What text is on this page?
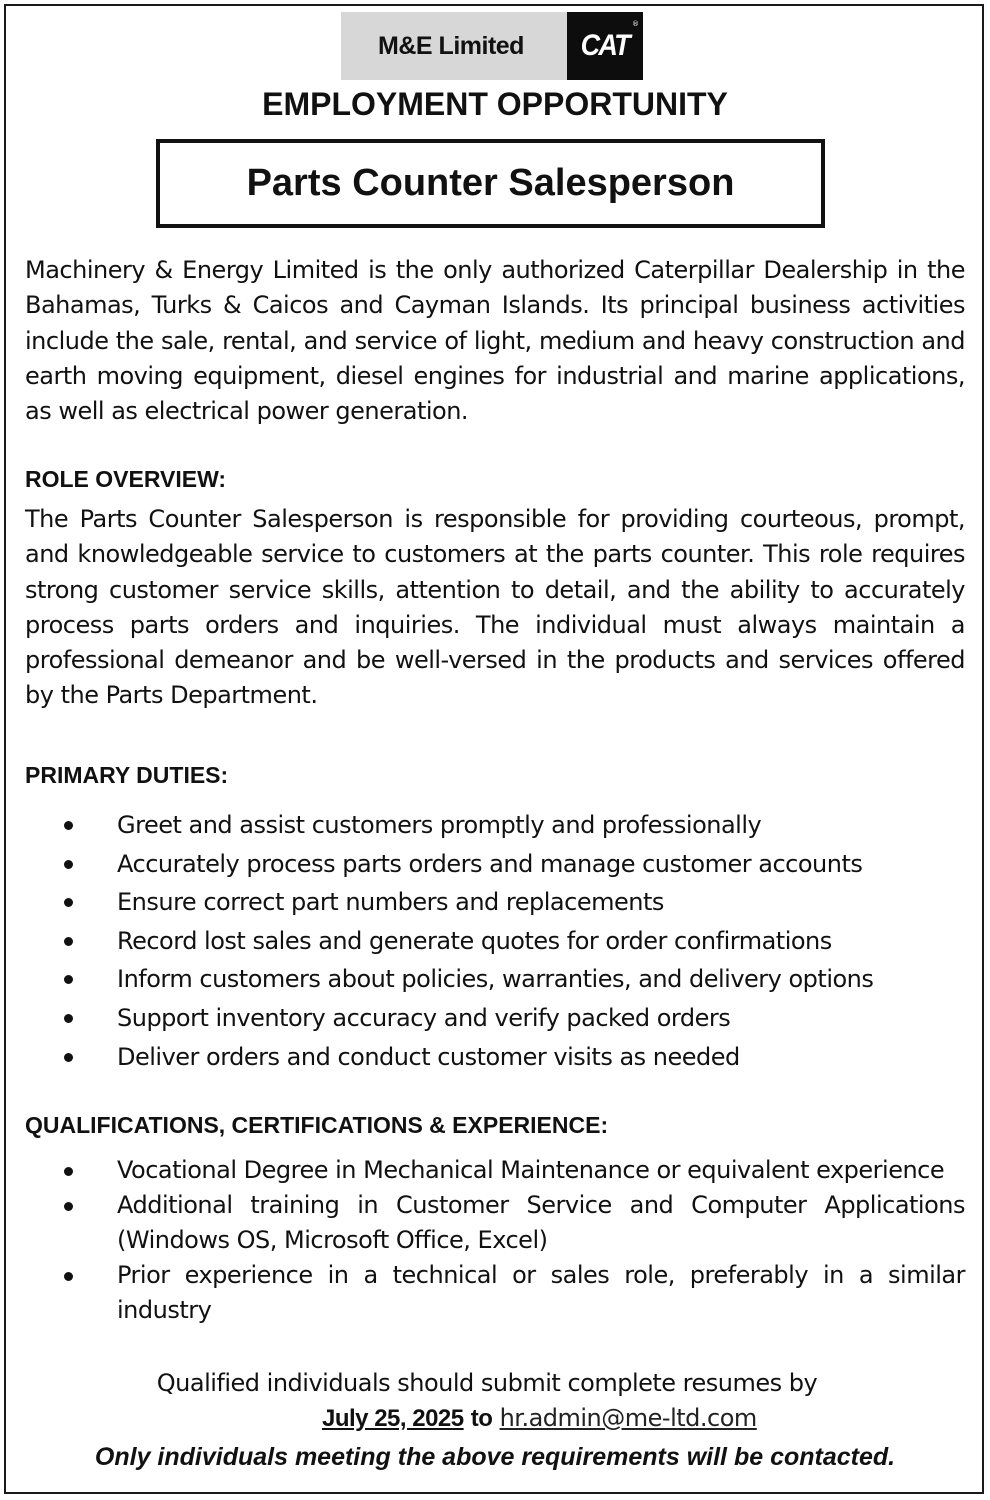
M&E Limited	CAT
®
EMPLOYMENT OPPORTUNITY
Parts Counter Salesperson

Machinery & Energy Limited is the only authorized Caterpillar Dealership in the Bahamas, Turks & Caicos and Cayman Islands. Its principal business activities include the sale, rental, and service of light, medium and heavy construction and earth moving equipment, diesel engines for industrial and marine applications, as well as electrical power generation.

ROLE OVERVIEW:

The Parts Counter Salesperson is responsible for providing courteous, prompt, and knowledgeable service to customers at the parts counter. This role requires strong customer service skills, attention to detail, and the ability to accurately process parts orders and inquiries. The individual must always maintain a professional demeanor and be well-versed in the products and services offered by the Parts Department.

PRIMARY DUTIES:

Greet and assist customers promptly and professionally
Accurately process parts orders and manage customer accounts
Ensure correct part numbers and replacements
Record lost sales and generate quotes for order confirmations
Inform customers about policies, warranties, and delivery options
Support inventory accuracy and verify packed orders
Deliver orders and conduct customer visits as needed

QUALIFICATIONS, CERTIFICATIONS & EXPERIENCE:

Vocational Degree in Mechanical Maintenance or equivalent experience
Additional training in Customer Service and Computer Applications (Windows OS, Microsoft Office, Excel)
Prior experience in a technical or sales role, preferably in a similar industry
Qualified individuals should submit complete resumes by
July 25, 2025 to hr.admin@me-ltd.com
Only individuals meeting the above requirements will be contacted.
